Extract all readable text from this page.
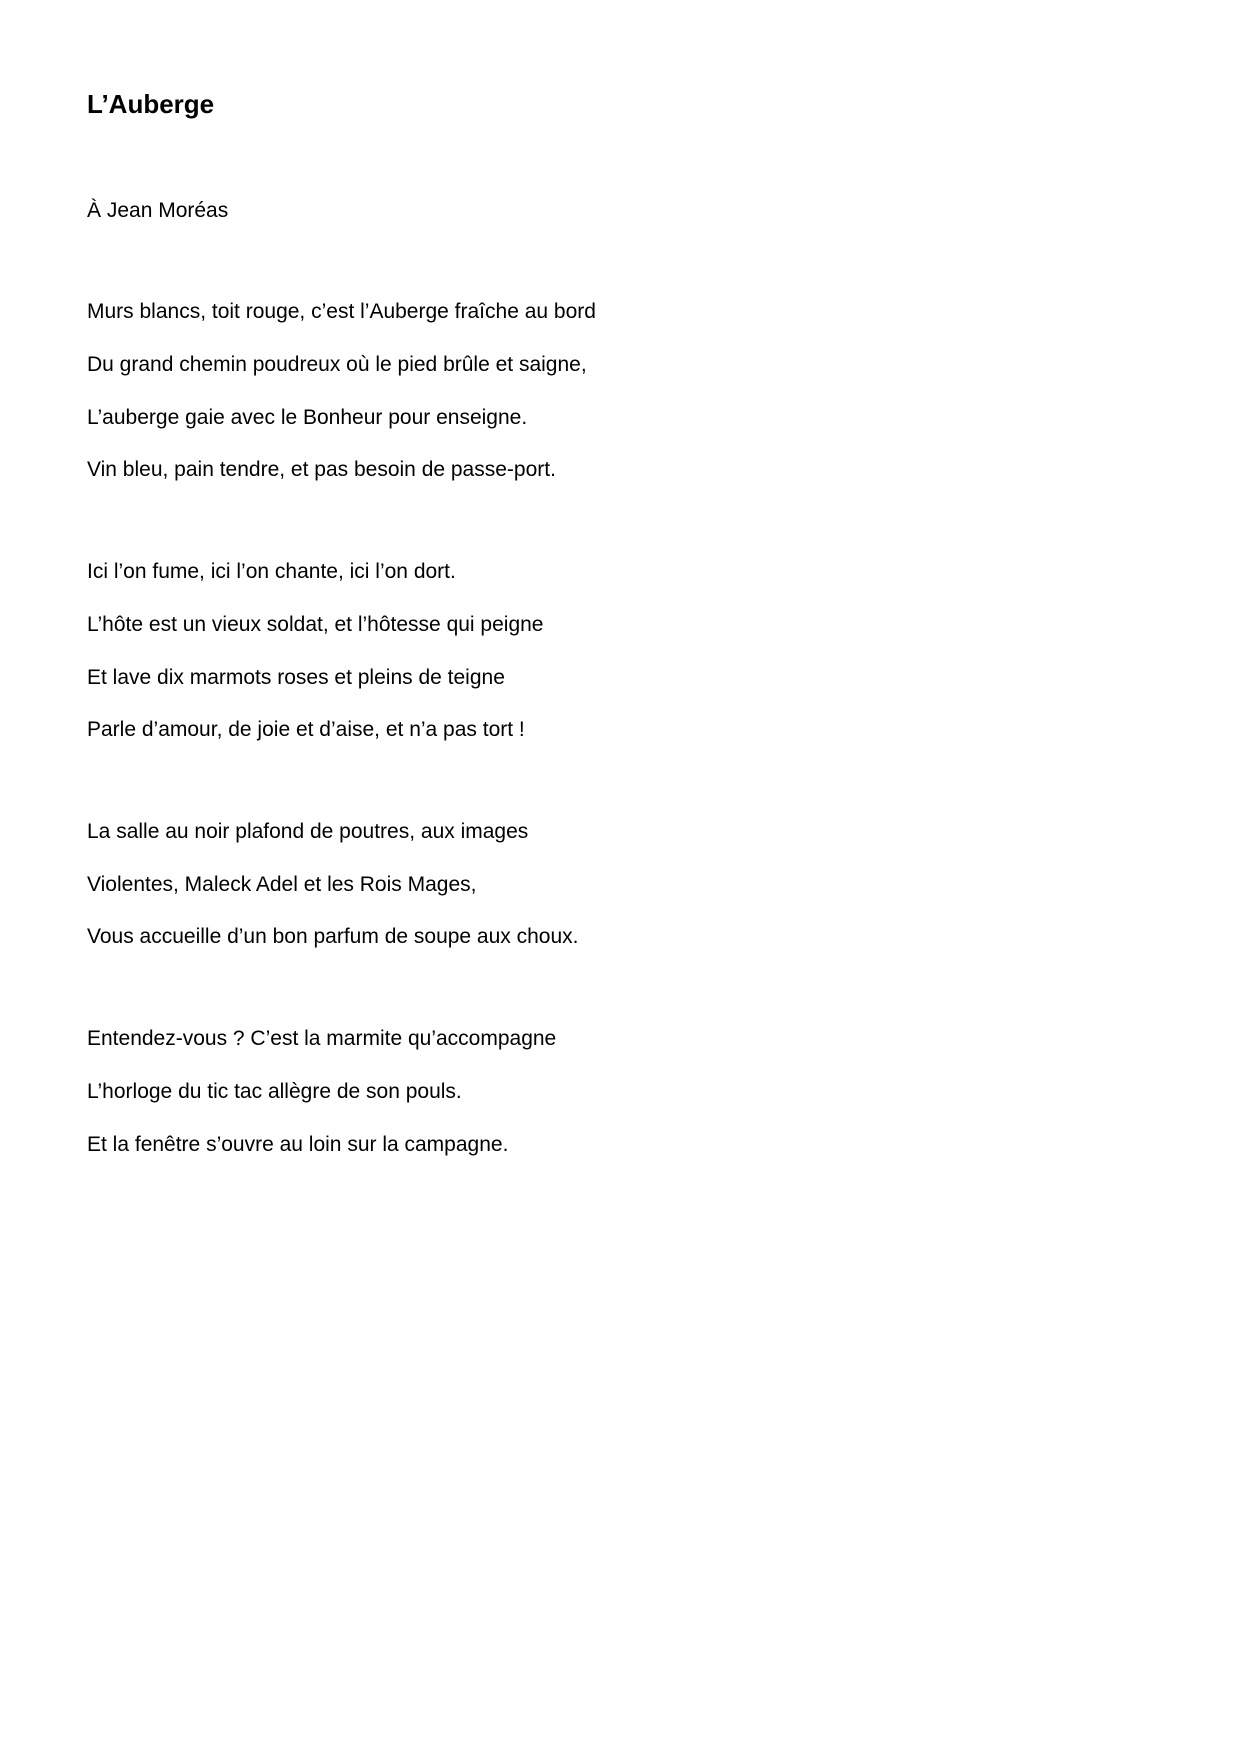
L’Auberge

À Jean Moréas

Murs blancs, toit rouge, c’est l’Auberge fraîche au bord

Du grand chemin poudreux où le pied brûle et saigne,

L’auberge gaie avec le Bonheur pour enseigne.

Vin bleu, pain tendre, et pas besoin de passe-port.

Ici l’on fume, ici l’on chante, ici l’on dort.

L’hôte est un vieux soldat, et l’hôtesse qui peigne

Et lave dix marmots roses et pleins de teigne

Parle d’amour, de joie et d’aise, et n’a pas tort !

La salle au noir plafond de poutres, aux images

Violentes, Maleck Adel et les Rois Mages,

Vous accueille d’un bon parfum de soupe aux choux.

Entendez-vous ? C’est la marmite qu’accompagne

L’horloge du tic tac allègre de son pouls.

Et la fenêtre s’ouvre au loin sur la campagne.
